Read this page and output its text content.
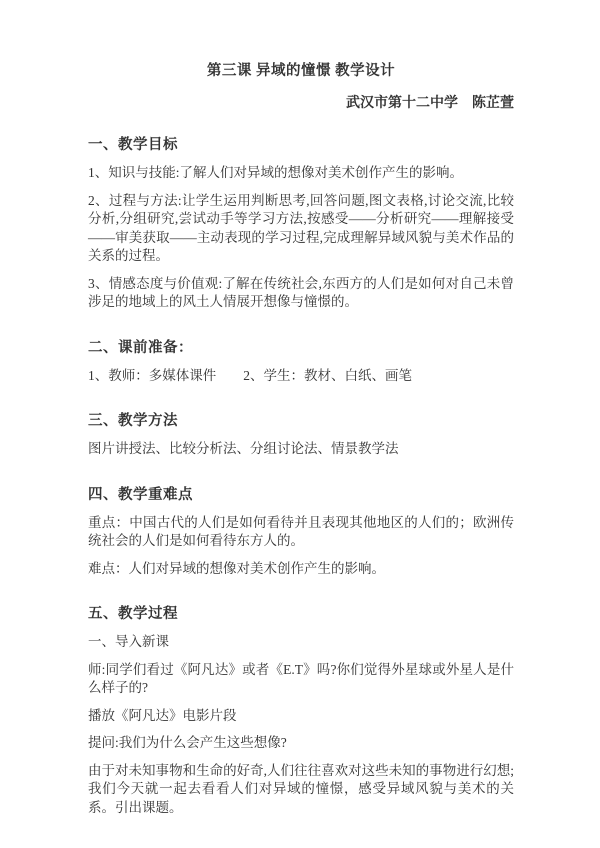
第三课 异域的憧憬 教学设计
武汉市第十二中学　陈芷萱
一、教学目标

1、知识与技能:了解人们对异域的想像对美术创作产生的影响。

2、过程与方法:让学生运用判断思考,回答问题,图文表格,讨论交流,比较分析,分组研究,尝试动手等学习方法,按感受——分析研究——理解接受——审美获取——主动表现的学习过程,完成理解异域风貌与美术作品的关系的过程。

3、情感态度与价值观:了解在传统社会,东西方的人们是如何对自己未曾涉足的地域上的风土人情展开想像与憧憬的。

二、课前准备：

1、教师：多媒体课件　　2、学生：教材、白纸、画笔

三、教学方法

图片讲授法、比较分析法、分组讨论法、情景教学法

四、教学重难点

重点：中国古代的人们是如何看待并且表现其他地区的人们的；欧洲传统社会的人们是如何看待东方人的。

难点：人们对异域的想像对美术创作产生的影响。

五、教学过程

一、导入新课

师:同学们看过《阿凡达》或者《E.T》吗?你们觉得外星球或外星人是什么样子的?

播放《阿凡达》电影片段

提问:我们为什么会产生这些想像?

由于对未知事物和生命的好奇,人们往往喜欢对这些未知的事物进行幻想;我们今天就一起去看看人们对异域的憧憬，感受异域风貌与美术的关系。引出课题。
